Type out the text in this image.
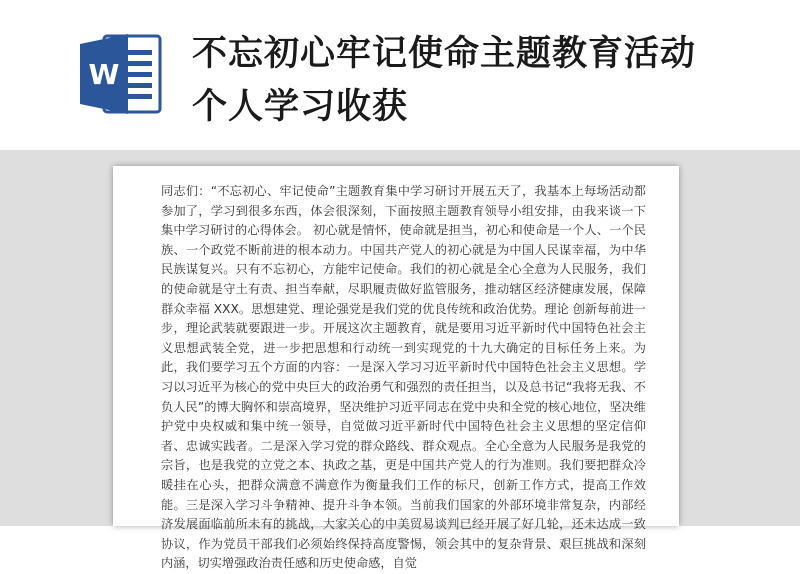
W
不忘初心牢记使命主题教育活动
个人学习收获
同志们：“不忘初心、牢记使命”主题教育集中学习研讨开展五天了，我基本上每场活动都参加了，学习到很多东西，体会很深刻，下面按照主题教育领导小组安排，由我来谈一下集中学习研讨的心得体会。 初心就是情怀，使命就是担当，初心和使命是一个人、一个民族、一个政党不断前进的根本动力。中国共产党人的初心就是为中国人民谋幸福，为中华民族谋复兴。只有不忘初心，方能牢记使命。我们的初心就是全心全意为人民服务，我们的使命就是守土有责、担当奉献，尽职履责做好监管服务，推动辖区经济健康发展，保障群众幸福 XXX。思想建党、理论强党是我们党的优良传统和政治优势。理论 创新每前进一步，理论武装就要跟进一步。开展这次主题教育，就是要用习近平新时代中国特色社会主义思想武装全党，进一步把思想和行动统一到实现党的十九大确定的目标任务上来。为此，我们要学习五个方面的内容：一是深入学习习近平新时代中国特色社会主义思想。学习以习近平为核心的党中央巨大的政治勇气和强烈的责任担当，以及总书记“我将无我、不负人民”的博大胸怀和崇高境界，坚决维护习近平同志在党中央和全党的核心地位，坚决维护党中央权威和集中统一领导，自觉做习近平新时代中国特色社会主义思想的坚定信仰者、忠诚实践者。二是深入学习党的群众路线、群众观点。全心全意为人民服务是我党的宗旨，也是我党的立党之本、执政之基，更是中国共产党人的行为准则。我们要把群众冷暖挂在心头，把群众满意不满意作为衡量我们工作的标尺，创新工作方式，提高工作效能。三是深入学习斗争精神、提升斗争本领。当前我们国家的外部环境非常复杂，内部经济发展面临前所未有的挑战，大家关心的中美贸易谈判已经开展了好几轮，还未达成一致协议，作为党员干部我们必须始终保持高度警惕，领会其中的复杂背景、艰巨挑战和深刻内涵，切实增强政治责任感和历史使命感，自觉
